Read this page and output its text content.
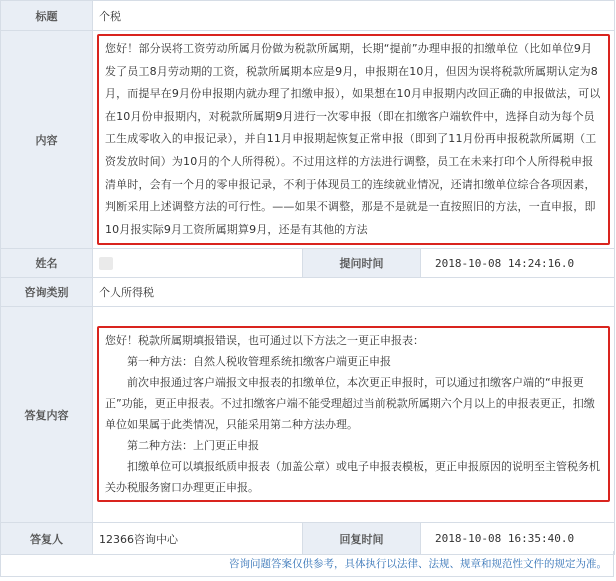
标题	个税		
内容	您好！部分误将工资劳动所属月份做为税款所属期，长期“提前”办理申报的扣缴单位（比如单位9月发了员工8月劳动期的工资，税款所属期本应是9月，申报期在10月，但因为误将税款所属期认定为8月，而提早在9月份申报期内就办理了扣缴申报），如果想在10月申报期内改回正确的申报做法，可以在10月份申报期内，对税款所属期9月进行一次零申报（即在扣缴客户端软件中，选择自动为每个员工生成零收入的申报记录），并自11月申报期起恢复正常申报（即到了11月份再申报税款所属期（工资发放时间）为10月的个人所得税）。不过用这样的方法进行调整，员工在未来打印个人所得税申报清单时，会有一个月的零申报记录，不利于体现员工的连续就业情况，还请扣缴单位综合各项因素，判断采用上述调整方法的可行性。——如果不调整，那是不是就是一直按照旧的方法，一直申报，即10月报实际9月工资所属期算9月，还是有其他的方法		

姓名		提问时间	2018-10-08 14:24:16.0
咨询类别	个人所得税		
答复内容	您好！税款所属期填报错误，也可通过以下方法之一更正申报表：

第一种方法：自然人税收管理系统扣缴客户端更正申报

前次申报通过客户端报文申报表的扣缴单位，本次更正申报时，可以通过扣缴客户端的“申报更正”功能，更正申报表。不过扣缴客户端不能受理超过当前税款所属期六个月以上的申报表更正，扣缴单位如果属于此类情况，只能采用第二种方法办理。

第二种方法：上门更正申报

扣缴单位可以填报纸质申报表（加盖公章）或电子申报表模板，更正申报原因的说明至主管税务机关办税服务窗口办理更正申报。		

答复人	12366咨询中心	回复时间	2018-10-08 16:35:40.0
咨询问题答案仅供参考，具体执行以法律、法规、规章和规范性文件的规定为准。
